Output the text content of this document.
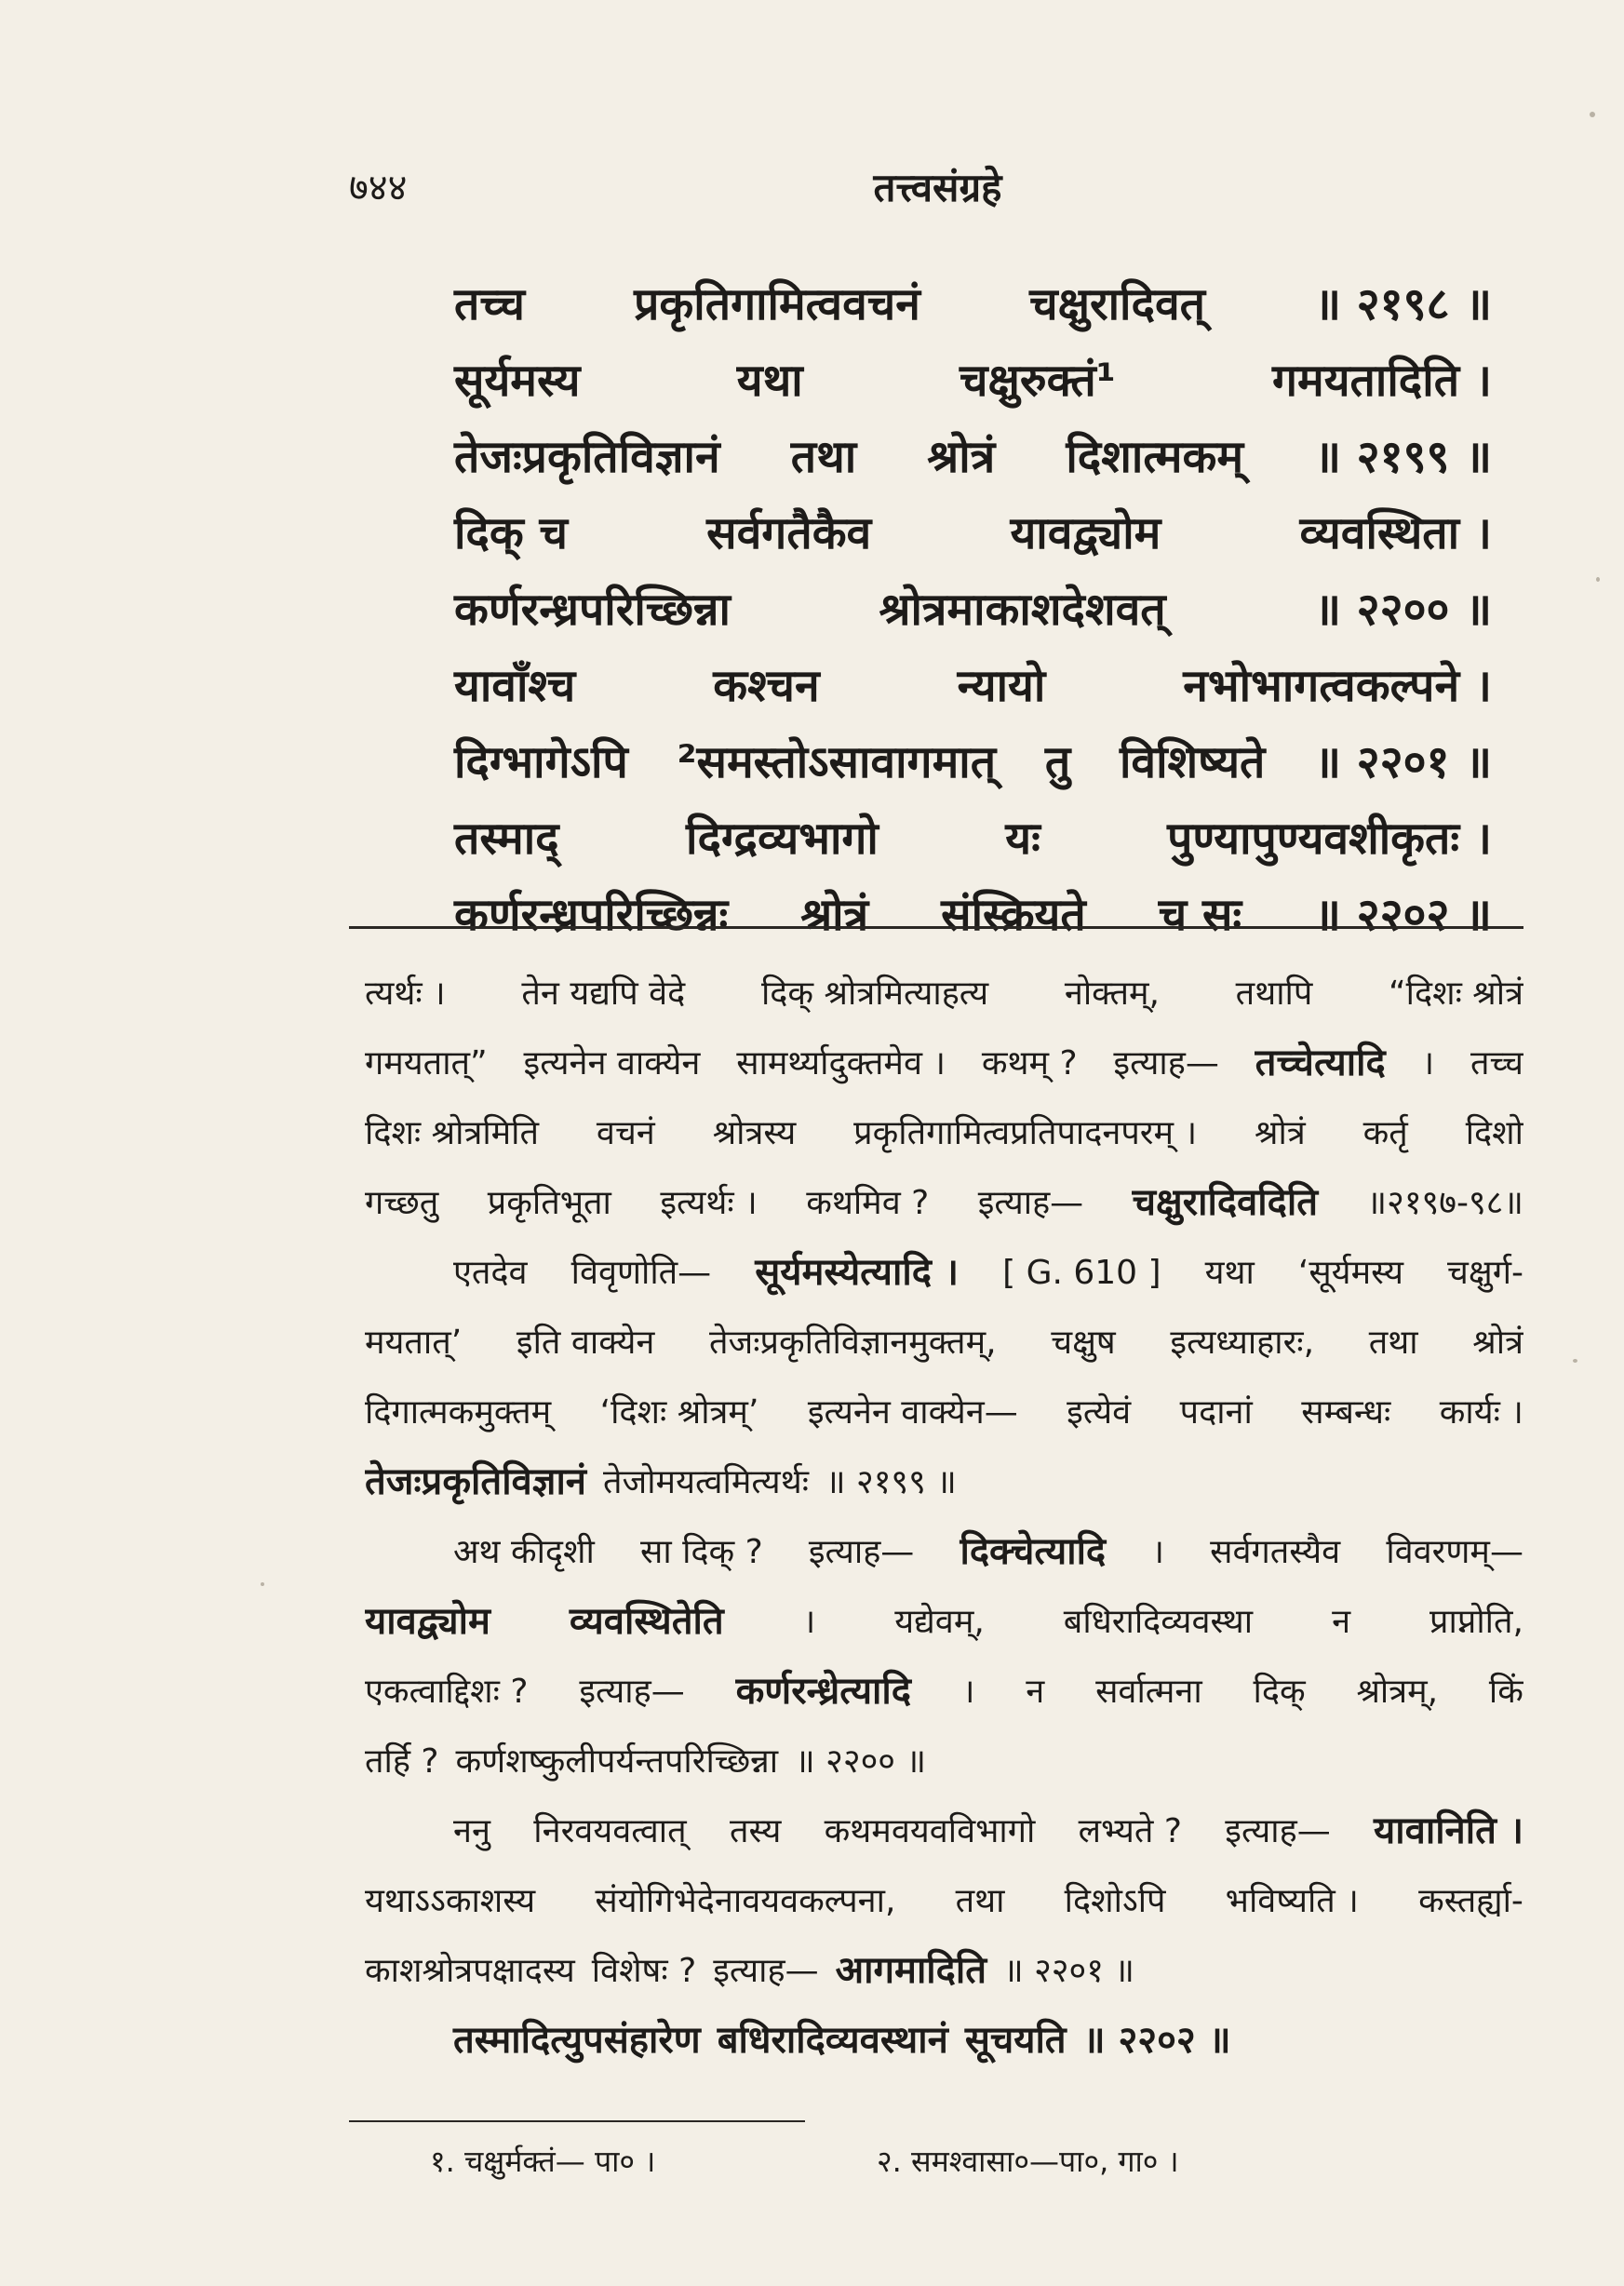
७४४	तत्त्वसंग्रहे
तच्च प्रकृतिगामित्ववचनं चक्षुरादिवत् ॥ २१९८ ॥
सूर्यमस्य	यथा	चक्षुरुक्तं¹	गमयतादिति ।
तेजःप्रकृतिविज्ञानं तथा श्रोत्रं दिशात्मकम् ॥ २१९९ ॥
दिक् च	सर्वगतैकैव	यावद्व्योम	व्यवस्थिता ।
कर्णरन्ध्रपरिच्छिन्ना	श्रोत्रमाकाशदेशवत्	॥ २२०० ॥
यावाँश्च	कश्चन	न्यायो	नभोभागत्वकल्पने ।
दिग्भागेऽपि ²समस्तोऽसावागमात् तु विशिष्यते ॥ २२०१ ॥
तस्माद्	दिग्द्रव्यभागो	यः	पुण्यापुण्यवशीकृतः ।
कर्णरन्ध्रपरिच्छिन्नः श्रोत्रं संस्क्रियते च सः ॥ २२०२ ॥
त्यर्थः । तेन यद्यपि वेदे दिक् श्रोत्रमित्याहत्य नोक्तम्, तथापि “दिशः श्रोत्रं
गमयतात्” इत्यनेन वाक्येन सामर्थ्यादुक्तमेव । कथम् ? इत्याह— तच्चेत्यादि । तच्च
दिशः श्रोत्रमिति वचनं श्रोत्रस्य प्रकृतिगामित्वप्रतिपादनपरम् । श्रोत्रं कर्तृ दिशो
गच्छतु प्रकृतिभूता इत्यर्थः । कथमिव ? इत्याह— चक्षुरादिवदिति ॥२१९७-९८॥
एतदेव विवृणोति— सूर्यमस्येत्यादि । [ G. 610 ] यथा ‘सूर्यमस्य चक्षुर्ग-
मयतात्’ इति वाक्येन तेजःप्रकृतिविज्ञानमुक्तम्, चक्षुष इत्यध्याहारः, तथा श्रोत्रं
दिगात्मकमुक्तम् ‘दिशः श्रोत्रम्’ इत्यनेन वाक्येन— इत्येवं पदानां सम्बन्धः कार्यः ।
तेजःप्रकृतिविज्ञानं तेजोमयत्वमित्यर्थः ॥ २१९९ ॥
अथ कीदृशी सा दिक् ? इत्याह— दिक्चेत्यादि । सर्वगतस्यैव विवरणम्—
यावद्व्योम व्यवस्थितेति । यद्येवम्, बधिरादिव्यवस्था न प्राप्नोति,
एकत्वाद्दिशः ? इत्याह— कर्णरन्ध्रेत्यादि । न सर्वात्मना दिक् श्रोत्रम्, किं
तर्हि ? कर्णशष्कुलीपर्यन्तपरिच्छिन्ना ॥ २२०० ॥
ननु निरवयवत्वात् तस्य कथमवयवविभागो लभ्यते ? इत्याह— यावानिति ।
यथाऽऽकाशस्य संयोगिभेदेनावयवकल्पना, तथा दिशोऽपि भविष्यति । कस्तर्ह्या-
काशश्रोत्रपक्षादस्य विशेषः ? इत्याह— आगमादिति ॥ २२०१ ॥
तस्मादित्युपसंहारेण बधिरादिव्यवस्थानं सूचयति ॥ २२०२ ॥
१. चक्षुर्मक्तं— पा० ।	२. समश्वासा०—पा०, गा० ।
